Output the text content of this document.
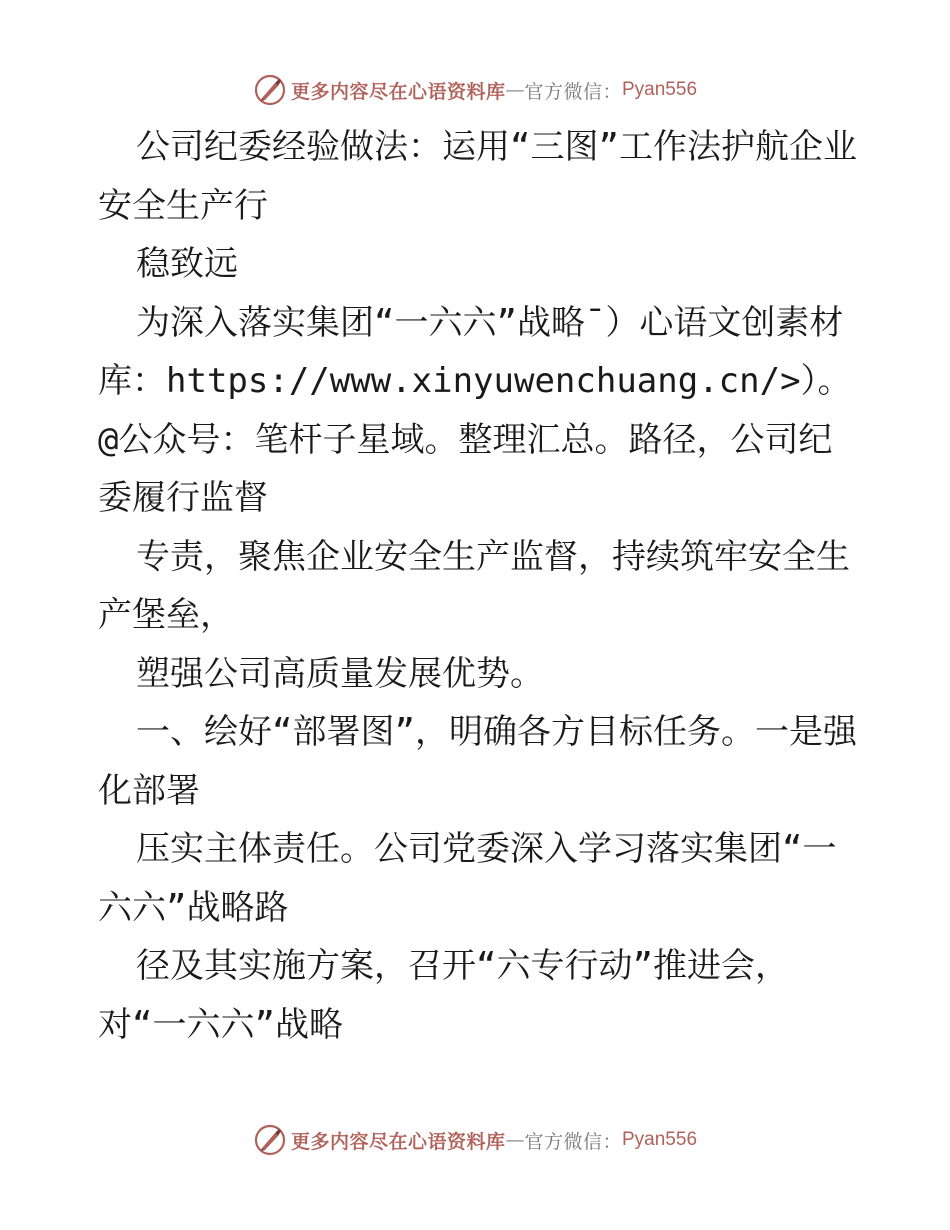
更多内容尽在心语资料库 — 官方微信： Pyan556

公司纪委经验做法：运用“三图”工作法护航企业安全生产行

稳致远

为深入落实集团“一六六”战略¯）心语文创素材库：https://www.xinyuwenchuang.cn/>）。@公众号：笔杆子星域。整理汇总。路径，公司纪委履行监督

专责，聚焦企业安全生产监督，持续筑牢安全生产堡垒，

塑强公司高质量发展优势。

一、绘好“部署图”，明确各方目标任务。一是强化部署

压实主体责任。公司党委深入学习落实集团“一六六”战略路

径及其实施方案，召开“六专行动”推进会，

对“一六六”战略

更多内容尽在心语资料库 — 官方微信： Pyan556
